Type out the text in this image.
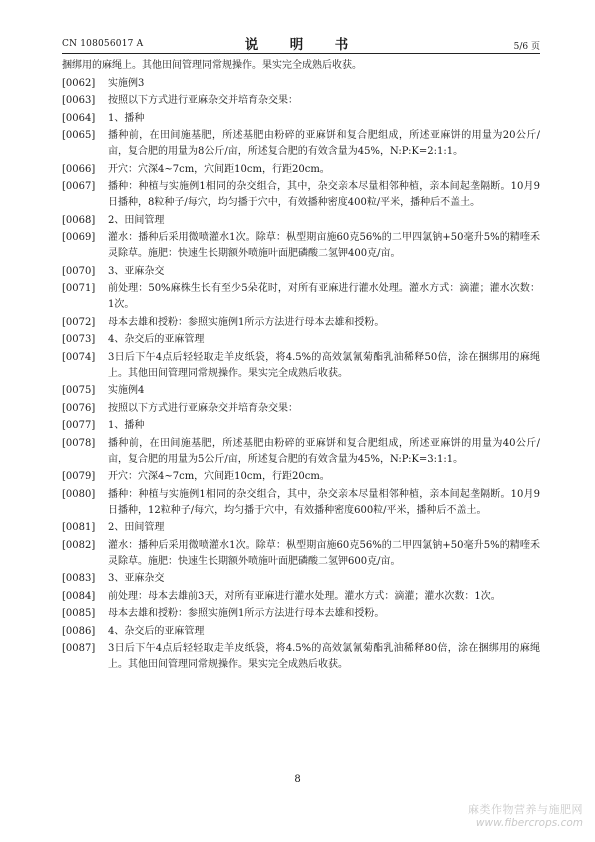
CN 108056017 A	说　明　书	5/6 页
捆绑用的麻绳上。其他田间管理同常规操作。果实完全成熟后收获。
[0062]	实施例3
[0063]	按照以下方式进行亚麻杂交并培育杂交果：
[0064]	1、播种
[0065]	播种前，在田间施基肥，所述基肥由粉碎的亚麻饼和复合肥组成，所述亚麻饼的用量为20公斤/亩，复合肥的用量为8公斤/亩，所述复合肥的有效含量为45%，N:P:K=2:1:1。
[0066]	开穴：穴深4~7cm，穴间距10cm，行距20cm。
[0067]	播种：种植与实施例1相同的杂交组合，其中，杂交亲本尽量相邻种植，亲本间起垄隔断。10月9日播种，8粒种子/每穴，均匀播于穴中，有效播种密度400粒/平米，播种后不盖土。
[0068]	2、田间管理
[0069]	灌水：播种后采用微喷灌水1次。除草：枞型期亩施60克56%的二甲四氯钠+50毫升5%的精喹禾灵除草。施肥：快速生长期额外喷施叶面肥磷酸二氢钾400克/亩。
[0070]	3、亚麻杂交
[0071]	前处理：50%麻株生长有至少5朵花时，对所有亚麻进行灌水处理。灌水方式：滴灌；灌水次数：1次。
[0072]	母本去雄和授粉：参照实施例1所示方法进行母本去雄和授粉。
[0073]	4、杂交后的亚麻管理
[0074]	3日后下午4点后轻轻取走羊皮纸袋，将4.5%的高效氯氰菊酯乳油稀释50倍，涂在捆绑用的麻绳上。其他田间管理同常规操作。果实完全成熟后收获。
[0075]	实施例4
[0076]	按照以下方式进行亚麻杂交并培育杂交果：
[0077]	1、播种
[0078]	播种前，在田间施基肥，所述基肥由粉碎的亚麻饼和复合肥组成，所述亚麻饼的用量为40公斤/亩，复合肥的用量为5公斤/亩，所述复合肥的有效含量为45%，N:P:K=3:1:1。
[0079]	开穴：穴深4~7cm，穴间距10cm，行距20cm。
[0080]	播种：种植与实施例1相同的杂交组合，其中，杂交亲本尽量相邻种植，亲本间起垄隔断。10月9日播种，12粒种子/每穴，均匀播于穴中，有效播种密度600粒/平米，播种后不盖土。
[0081]	2、田间管理
[0082]	灌水：播种后采用微喷灌水1次。除草：枞型期亩施60克56%的二甲四氯钠+50毫升5%的精喹禾灵除草。施肥：快速生长期额外喷施叶面肥磷酸二氢钾600克/亩。
[0083]	3、亚麻杂交
[0084]	前处理：母本去雄前3天，对所有亚麻进行灌水处理。灌水方式：滴灌；灌水次数：1次。
[0085]	母本去雄和授粉：参照实施例1所示方法进行母本去雄和授粉。
[0086]	4、杂交后的亚麻管理
[0087]	3日后下午4点后轻轻取走羊皮纸袋，将4.5%的高效氯氰菊酯乳油稀释80倍，涂在捆绑用的麻绳上。其他田间管理同常规操作。果实完全成熟后收获。
8
麻类作物营养与施肥网
www.fibercrops.com
